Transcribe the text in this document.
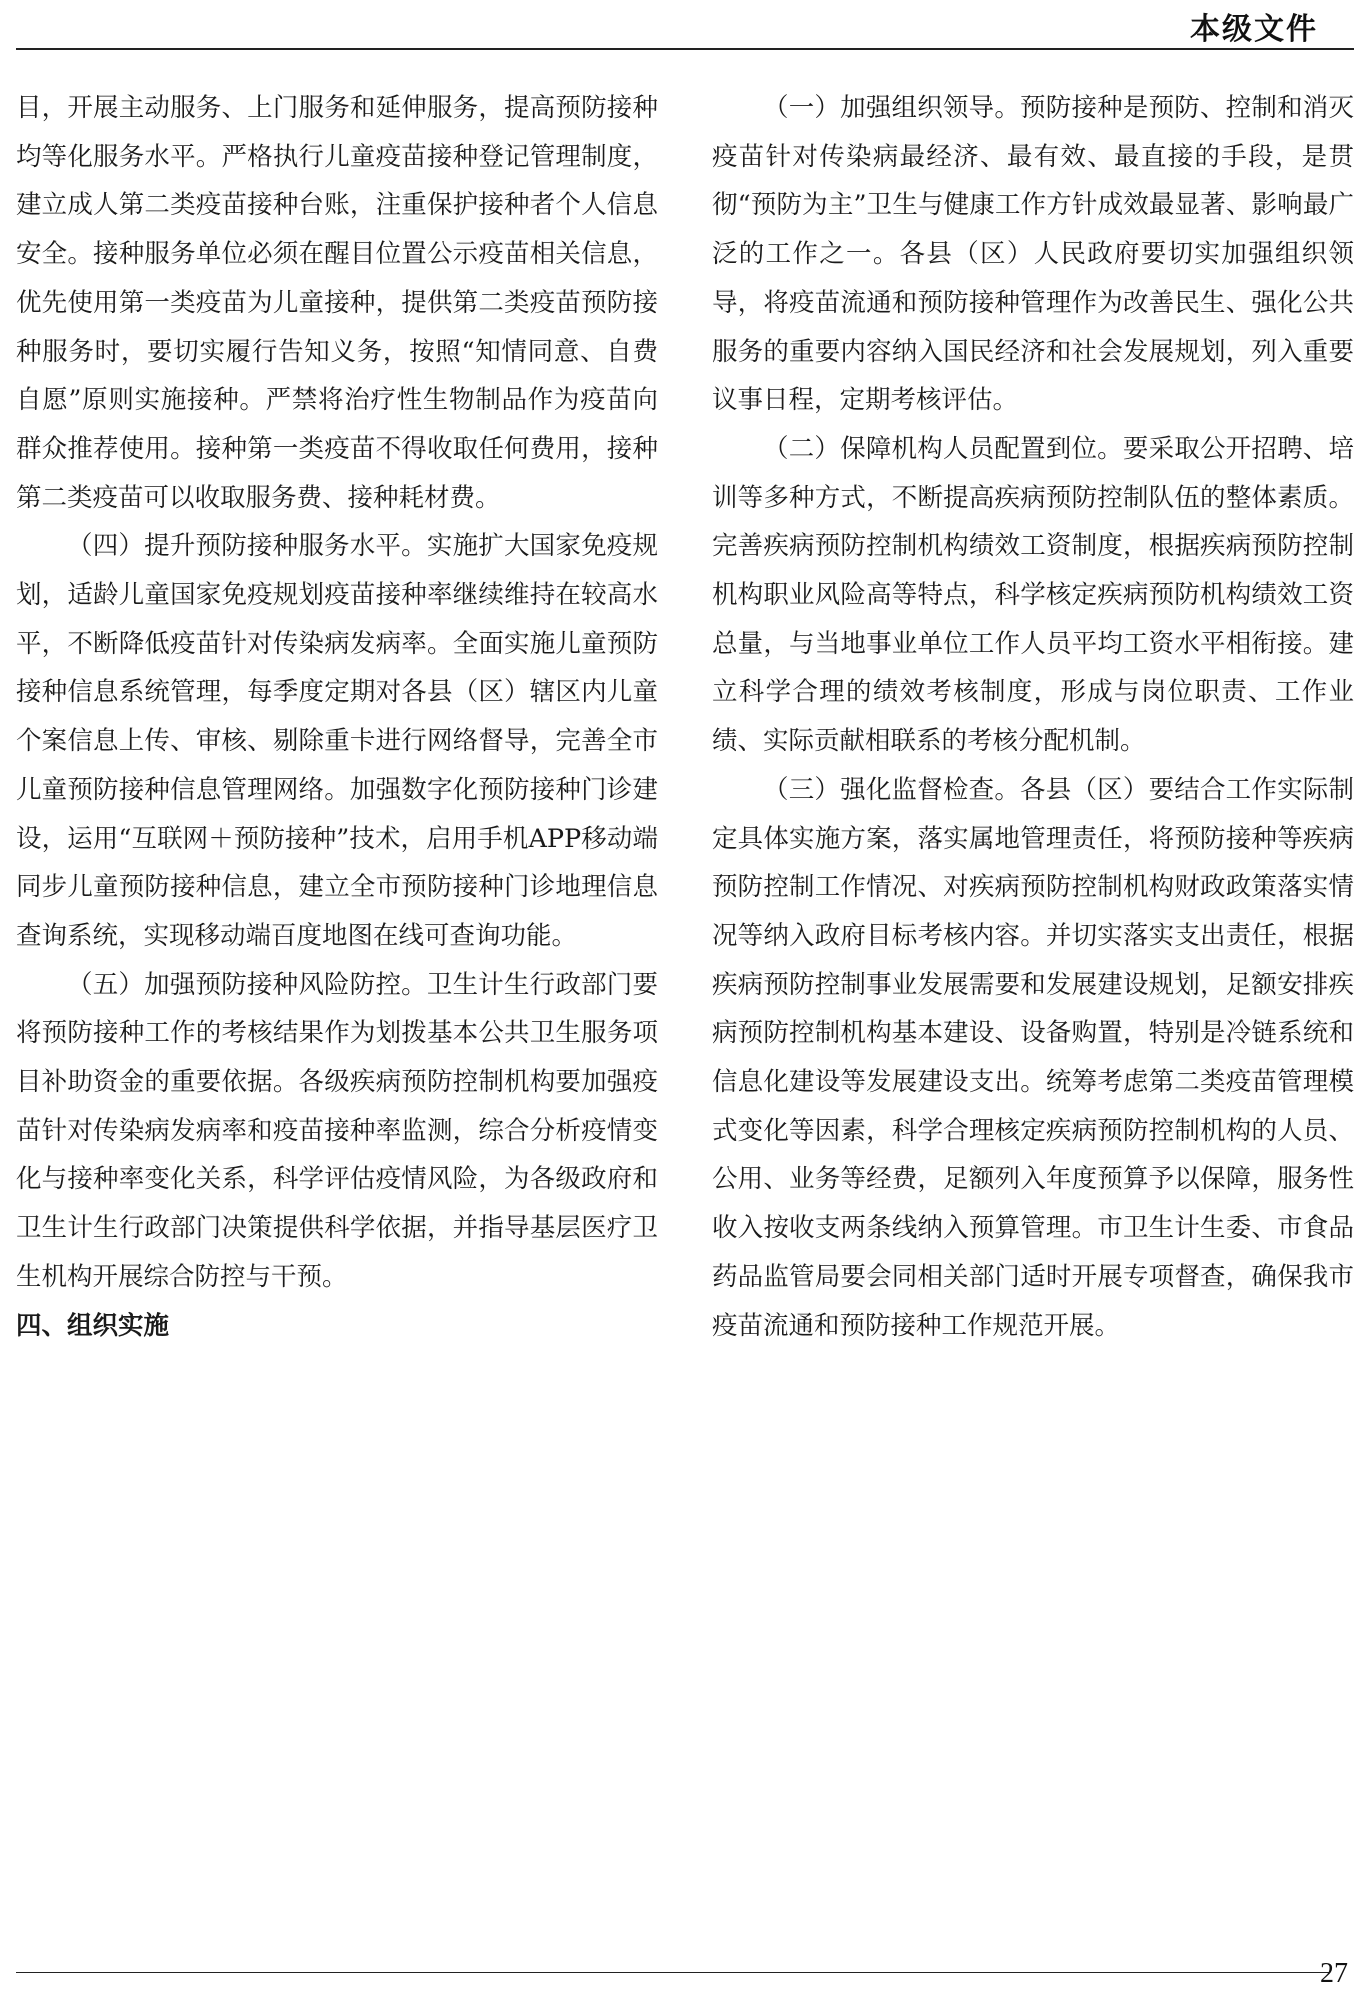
本级文件

目，开展主动服务、上门服务和延伸服务，提高预防接种均等化服务水平。严格执行儿童疫苗接种登记管理制度，建立成人第二类疫苗接种台账，注重保护接种者个人信息安全。接种服务单位必须在醒目位置公示疫苗相关信息，优先使用第一类疫苗为儿童接种，提供第二类疫苗预防接种服务时，要切实履行告知义务，按照“知情同意、自费自愿”原则实施接种。严禁将治疗性生物制品作为疫苗向群众推荐使用。接种第一类疫苗不得收取任何费用，接种第二类疫苗可以收取服务费、接种耗材费。

（四）提升预防接种服务水平。实施扩大国家免疫规划，适龄儿童国家免疫规划疫苗接种率继续维持在较高水平，不断降低疫苗针对传染病发病率。全面实施儿童预防接种信息系统管理，每季度定期对各县（区）辖区内儿童个案信息上传、审核、剔除重卡进行网络督导，完善全市儿童预防接种信息管理网络。加强数字化预防接种门诊建设，运用“互联网＋预防接种”技术，启用手机APP移动端同步儿童预防接种信息，建立全市预防接种门诊地理信息查询系统，实现移动端百度地图在线可查询功能。

（五）加强预防接种风险防控。卫生计生行政部门要将预防接种工作的考核结果作为划拨基本公共卫生服务项目补助资金的重要依据。各级疾病预防控制机构要加强疫苗针对传染病发病率和疫苗接种率监测，综合分析疫情变化与接种率变化关系，科学评估疫情风险，为各级政府和卫生计生行政部门决策提供科学依据，并指导基层医疗卫生机构开展综合防控与干预。

四、组织实施

（一）加强组织领导。预防接种是预防、控制和消灭疫苗针对传染病最经济、最有效、最直接的手段，是贯彻“预防为主”卫生与健康工作方针成效最显著、影响最广泛的工作之一。各县（区）人民政府要切实加强组织领导，将疫苗流通和预防接种管理作为改善民生、强化公共服务的重要内容纳入国民经济和社会发展规划，列入重要议事日程，定期考核评估。

（二）保障机构人员配置到位。要采取公开招聘、培训等多种方式，不断提高疾病预防控制队伍的整体素质。完善疾病预防控制机构绩效工资制度，根据疾病预防控制机构职业风险高等特点，科学核定疾病预防机构绩效工资总量，与当地事业单位工作人员平均工资水平相衔接。建立科学合理的绩效考核制度，形成与岗位职责、工作业绩、实际贡献相联系的考核分配机制。

（三）强化监督检查。各县（区）要结合工作实际制定具体实施方案，落实属地管理责任，将预防接种等疾病预防控制工作情况、对疾病预防控制机构财政政策落实情况等纳入政府目标考核内容。并切实落实支出责任，根据疾病预防控制事业发展需要和发展建设规划，足额安排疾病预防控制机构基本建设、设备购置，特别是冷链系统和信息化建设等发展建设支出。统筹考虑第二类疫苗管理模式变化等因素，科学合理核定疾病预防控制机构的人员、公用、业务等经费，足额列入年度预算予以保障，服务性收入按收支两条线纳入预算管理。市卫生计生委、市食品药品监管局要会同相关部门适时开展专项督查，确保我市疫苗流通和预防接种工作规范开展。

27
